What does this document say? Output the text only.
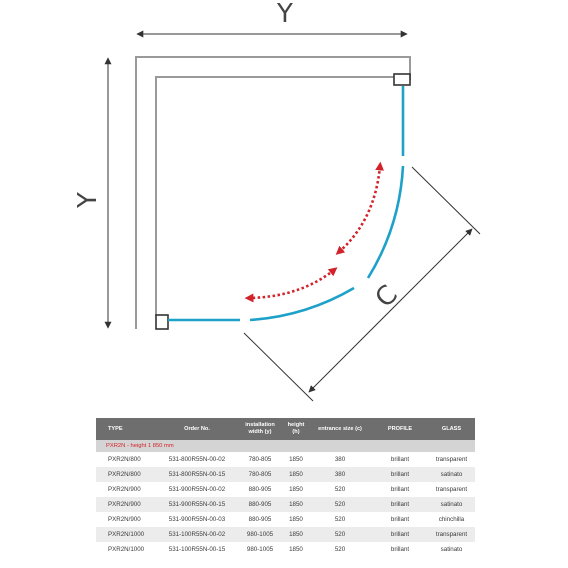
Y
Y
C
TYPE	Order No.	installation width (y)	height (h)	entrance size (c)	PROFILE	GLASS
PXR2N - height 1 850 mm						
PXR2N/800	531-800R55N-00-02	780-805	1850	380	brillant	transparent
PXR2N/800	531-800R55N-00-15	780-805	1850	380	brillant	satinato
PXR2N/900	531-900R55N-00-02	880-905	1850	520	brillant	transparent
PXR2N/900	531-900R55N-00-15	880-905	1850	520	brillant	satinato
PXR2N/900	531-900R55N-00-03	880-905	1850	520	brillant	chinchilla
PXR2N/1000	531-100R55N-00-02	980-1005	1850	520	brillant	transparent
PXR2N/1000	531-100R55N-00-15	980-1005	1850	520	brillant	satinato
